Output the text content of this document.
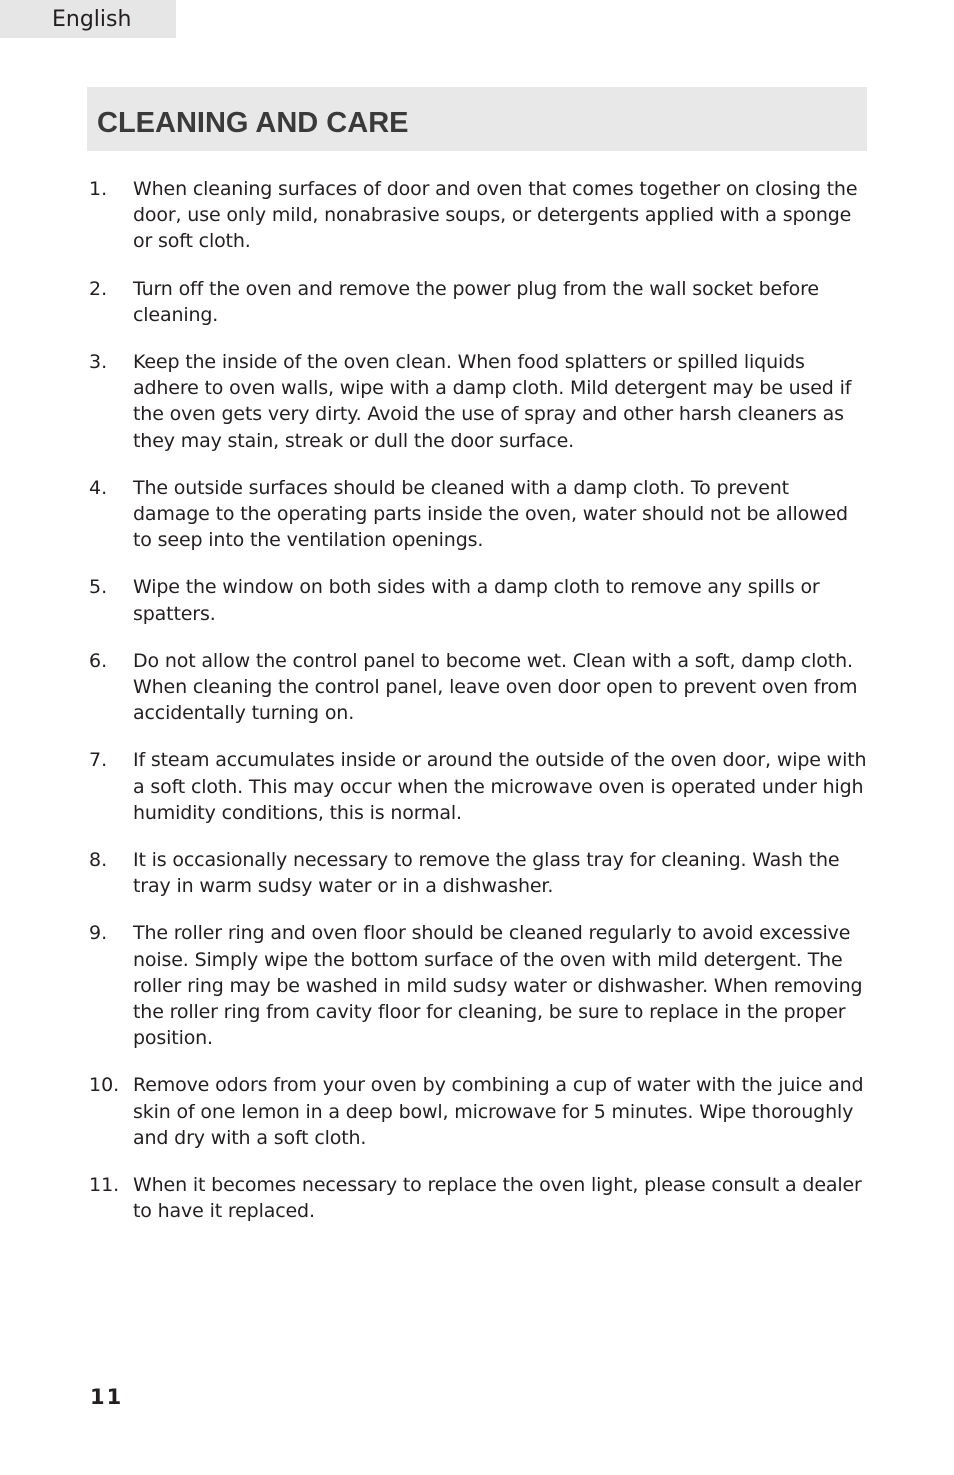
English
CLEANING AND CARE
1.	When cleaning surfaces of door and oven that comes together on closing the door, use only mild, nonabrasive soups, or detergents applied with a sponge or soft cloth.
2.	Turn off the oven and remove the power plug from the wall socket before cleaning.
3.	Keep the inside of the oven clean. When food splatters or spilled liquids adhere to oven walls, wipe with a damp cloth. Mild detergent may be used if the oven gets very dirty. Avoid the use of spray and other harsh cleaners as they may stain, streak or dull the door surface.
4.	The outside surfaces should be cleaned with a damp cloth. To prevent damage to the operating parts inside the oven, water should not be allowed to seep into the ventilation openings.
5.	Wipe the window on both sides with a damp cloth to remove any spills or spatters.
6.	Do not allow the control panel to become wet. Clean with a soft, damp cloth. When cleaning the control panel, leave oven door open to prevent oven from accidentally turning on.
7.	If steam accumulates inside or around the outside of the oven door, wipe with a soft cloth. This may occur when the microwave oven is operated under high humidity conditions, this is normal.
8.	It is occasionally necessary to remove the glass tray for cleaning. Wash the tray in warm sudsy water or in a dishwasher.
9.	The roller ring and oven floor should be cleaned regularly to avoid excessive noise. Simply wipe the bottom surface of the oven with mild detergent. The roller ring may be washed in mild sudsy water or dishwasher. When removing the roller ring from cavity floor for cleaning, be sure to replace in the proper position.
10. Remove odors from your oven by combining a cup of water with the juice and skin of one lemon in a deep bowl, microwave for 5 minutes. Wipe thoroughly and dry with a soft cloth.
11. When it becomes necessary to replace the oven light, please consult a dealer to have it replaced.
11
